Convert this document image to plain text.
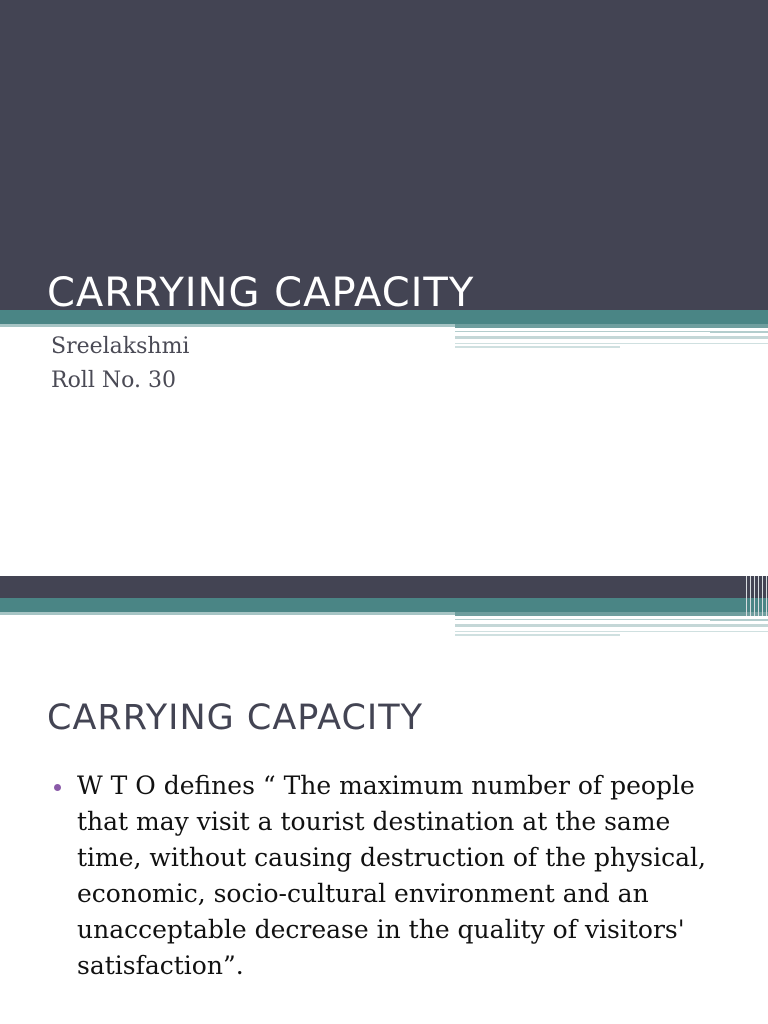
CARRYING CAPACITY

Sreelakshmi

Roll No. 30

CARRYING CAPACITY
W T O defines “ The maximum number of people that may visit a tourist destination at the same time, without causing destruction of the physical, economic, socio-cultural environment and an unacceptable decrease in the quality of visitors' satisfaction”.
